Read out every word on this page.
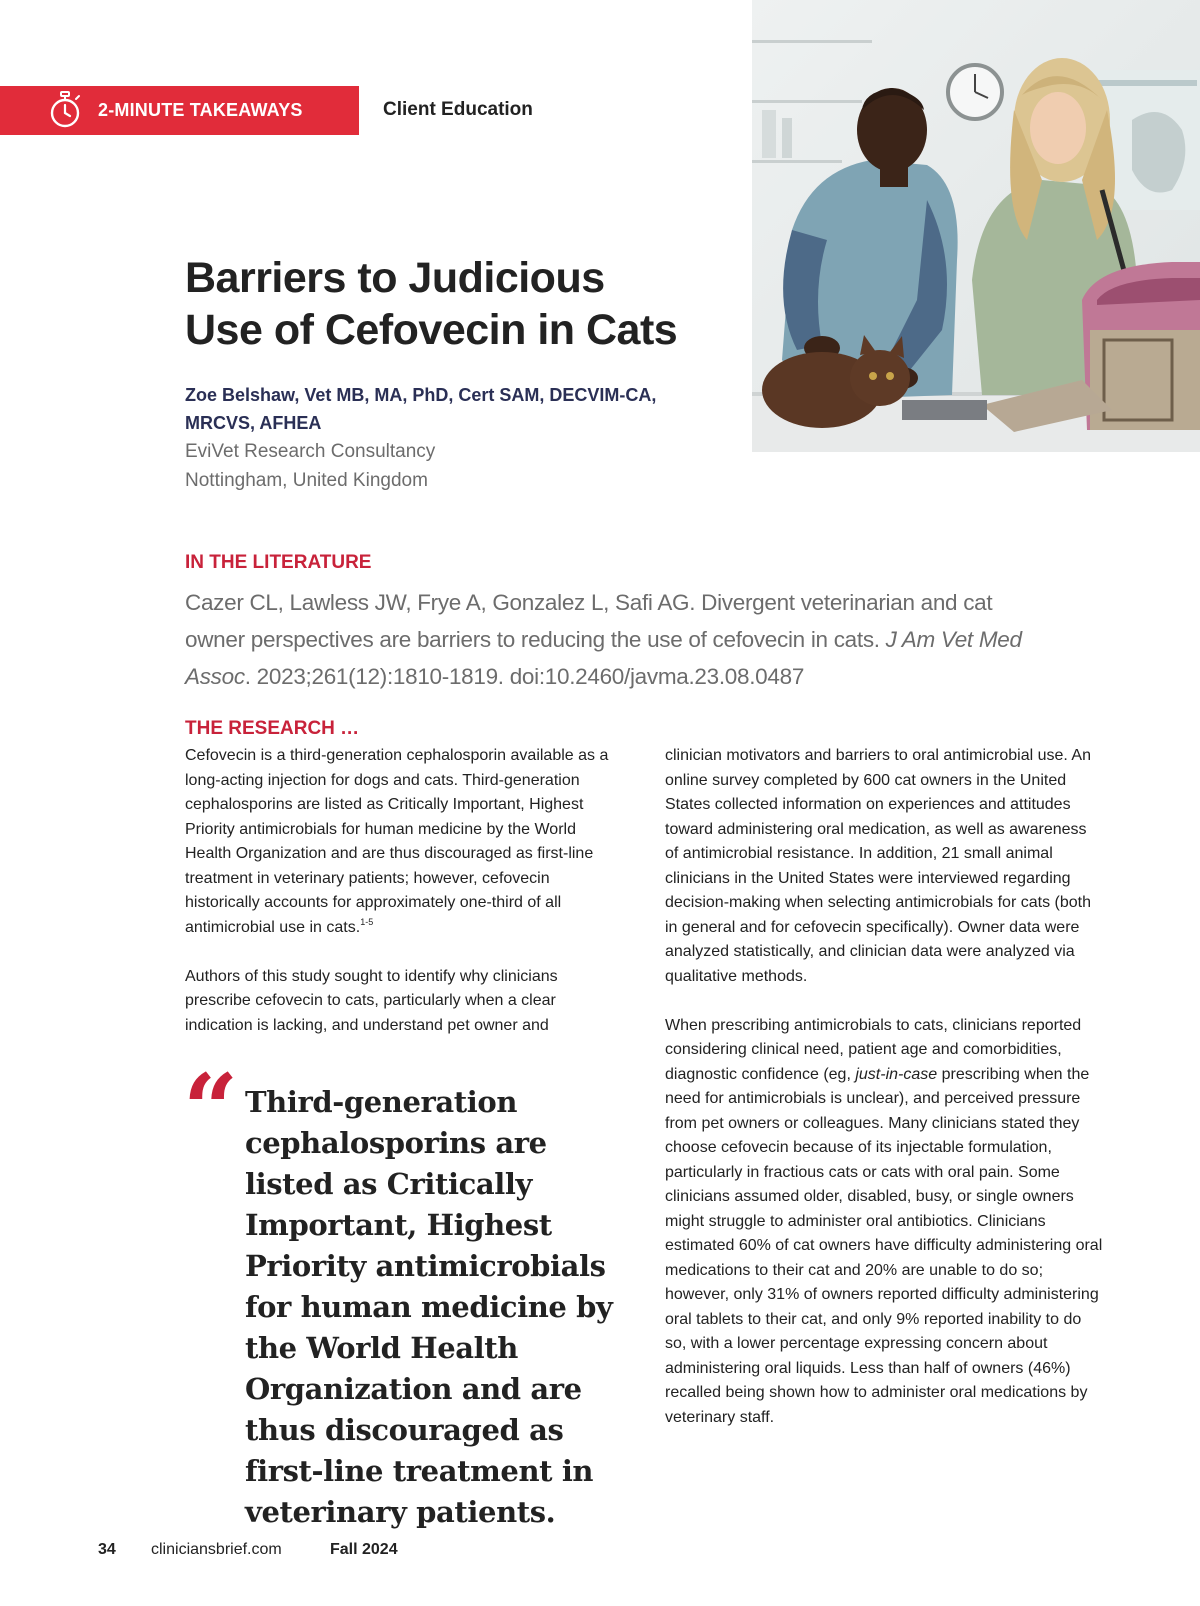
2-MINUTE TAKEAWAYS	Client Education
Barriers to Judicious
Use of Cefovecin in Cats
Zoe Belshaw, Vet MB, MA, PhD, Cert SAM, DECVIM-CA,
MRCVS, AFHEA
EviVet Research Consultancy
Nottingham, United Kingdom
IN THE LITERATURE
Cazer CL, Lawless JW, Frye A, Gonzalez L, Safi AG. Divergent veterinarian and cat owner perspectives are barriers to reducing the use of cefovecin in cats. J Am Vet Med Assoc. 2023;261(12):1810-1819. doi:10.2460/javma.23.08.0487
THE RESEARCH …

Cefovecin is a third-generation cephalosporin available as a long-acting injection for dogs and cats. Third-generation cephalosporins are listed as Critically Important, Highest Priority antimicrobials for human medicine by the World Health Organization and are thus discouraged as first-line treatment in veterinary patients; however, cefovecin historically accounts for approximately one-third of all antimicrobial use in cats.$^{1-5}$

Authors of this study sought to identify why clinicians prescribe cefovecin to cats, particularly when a clear indication is lacking, and understand pet owner and

clinician motivators and barriers to oral antimicrobial use. An online survey completed by 600 cat owners in the United States collected information on experiences and attitudes toward administering oral medication, as well as awareness of antimicrobial resistance. In addition, 21 small animal clinicians in the United States were interviewed regarding decision-making when selecting antimicrobials for cats (both in general and for cefovecin specifically). Owner data were analyzed statistically, and clinician data were analyzed via qualitative methods.

When prescribing antimicrobials to cats, clinicians reported considering clinical need, patient age and comorbidities, diagnostic confidence (eg, just-in-case prescribing when the need for antimicrobials is unclear), and perceived pressure from pet owners or colleagues. Many clinicians stated they choose cefovecin because of its injectable formulation, particularly in fractious cats or cats with oral pain. Some clinicians assumed older, disabled, busy, or single owners might struggle to administer oral antibiotics. Clinicians estimated 60% of cat owners have difficulty administering oral medications to their cat and 20% are unable to do so; however, only 31% of owners reported difficulty administering oral tablets to their cat, and only 9% reported inability to do so, with a lower percentage expressing concern about administering oral liquids. Less than half of owners (46%) recalled being shown how to administer oral medications by veterinary staff.

“ Third-generation cephalosporins are listed as Critically Important, Highest Priority antimicrobials for human medicine by the World Health Organization and are thus discouraged as first-line treatment in veterinary patients.
34 cliniciansbrief.com	Fall 2024
